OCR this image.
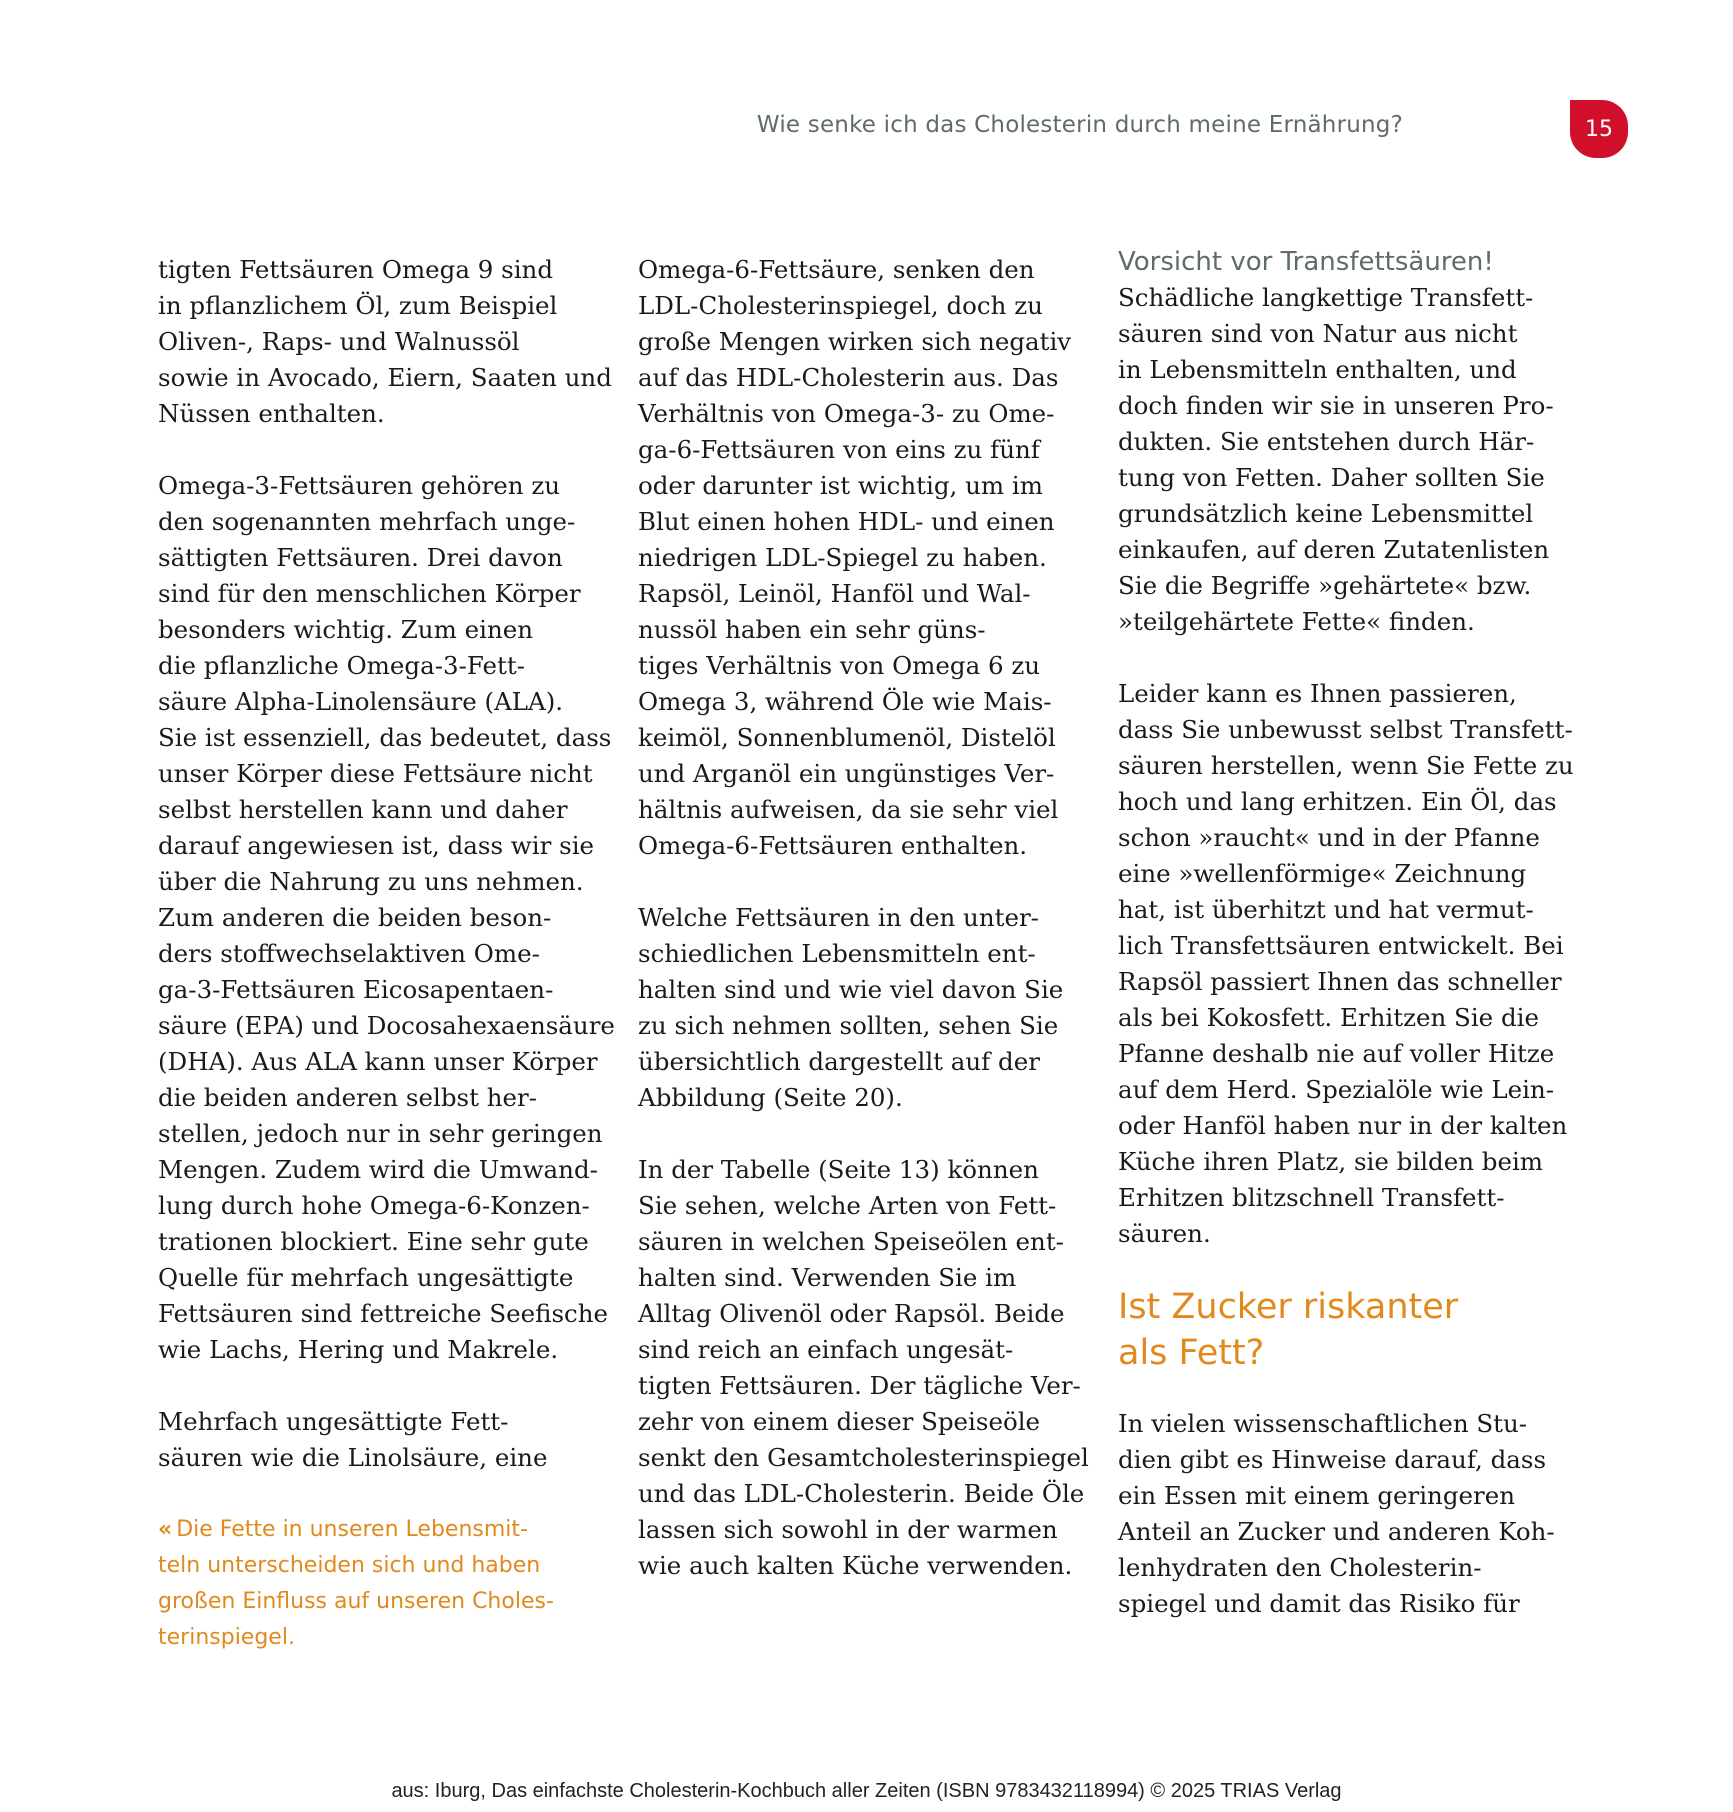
Wie senke ich das Cholesterin durch meine Ernährung?	15
tigten Fettsäuren Omega 9 sind
in pflanzlichem Öl, zum Beispiel
Oliven-, Raps- und Walnussöl
sowie in Avocado, Eiern, Saaten und
Nüssen enthalten.
Omega-3-Fettsäuren gehören zu
den sogenannten mehrfach unge-
sättigten Fettsäuren. Drei davon
sind für den menschlichen Körper
besonders wichtig. Zum einen
die pflanzliche Omega-3-Fett-
säure Alpha-Linolensäure (ALA).
Sie ist essenziell, das bedeutet, dass
unser Körper diese Fettsäure nicht
selbst herstellen kann und daher
darauf angewiesen ist, dass wir sie
über die Nahrung zu uns nehmen.
Zum anderen die beiden beson-
ders stoffwechselaktiven Ome-
ga-3-Fettsäuren Eicosapentaen-
säure (EPA) und Docosahexaensäure
(DHA). Aus ALA kann unser Körper
die beiden anderen selbst her-
stellen, jedoch nur in sehr geringen
Mengen. Zudem wird die Umwand-
lung durch hohe Omega-6-Konzen-
trationen blockiert. Eine sehr gute
Quelle für mehrfach ungesättigte
Fettsäuren sind fettreiche Seefische
wie Lachs, Hering und Makrele.
Mehrfach ungesättigte Fett-
säuren wie die Linolsäure, eine
« Die Fette in unseren Lebensmit-
teln unterscheiden sich und haben
großen Einfluss auf unseren Choles-
terinspiegel.
Omega-6-Fettsäure, senken den
LDL-Cholesterinspiegel, doch zu
große Mengen wirken sich negativ
auf das HDL-Cholesterin aus. Das
Verhältnis von Omega-3- zu Ome-
ga-6-Fettsäuren von eins zu fünf
oder darunter ist wichtig, um im
Blut einen hohen HDL- und einen
niedrigen LDL-Spiegel zu haben.
Rapsöl, Leinöl, Hanföl und Wal-
nussöl haben ein sehr güns-
tiges Verhältnis von Omega 6 zu
Omega 3, während Öle wie Mais-
keimöl, Sonnenblumenöl, Distelöl
und Arganöl ein ungünstiges Ver-
hältnis aufweisen, da sie sehr viel
Omega-6-Fettsäuren enthalten.
Welche Fettsäuren in den unter-
schiedlichen Lebensmitteln ent-
halten sind und wie viel davon Sie
zu sich nehmen sollten, sehen Sie
übersichtlich dargestellt auf der
Abbildung (Seite 20).
In der Tabelle (Seite 13) können
Sie sehen, welche Arten von Fett-
säuren in welchen Speiseölen ent-
halten sind. Verwenden Sie im
Alltag Olivenöl oder Rapsöl. Beide
sind reich an einfach ungesät-
tigten Fettsäuren. Der tägliche Ver-
zehr von einem dieser Speiseöle
senkt den Gesamtcholesterinspiegel
und das LDL-Cholesterin. Beide Öle
lassen sich sowohl in der warmen
wie auch kalten Küche verwenden.
Vorsicht vor Transfettsäuren!
Schädliche langkettige Transfett-
säuren sind von Natur aus nicht
in Lebensmitteln enthalten, und
doch finden wir sie in unseren Pro-
dukten. Sie entstehen durch Här-
tung von Fetten. Daher sollten Sie
grundsätzlich keine Lebensmittel
einkaufen, auf deren Zutatenlisten
Sie die Begriffe »gehärtete« bzw.
»teilgehärtete Fette« finden.
Leider kann es Ihnen passieren,
dass Sie unbewusst selbst Transfett-
säuren herstellen, wenn Sie Fette zu
hoch und lang erhitzen. Ein Öl, das
schon »raucht« und in der Pfanne
eine »wellenförmige« Zeichnung
hat, ist überhitzt und hat vermut-
lich Transfettsäuren entwickelt. Bei
Rapsöl passiert Ihnen das schneller
als bei Kokosfett. Erhitzen Sie die
Pfanne deshalb nie auf voller Hitze
auf dem Herd. Spezialöle wie Lein-
oder Hanföl haben nur in der kalten
Küche ihren Platz, sie bilden beim
Erhitzen blitzschnell Transfett-
säuren.
Ist Zucker riskanter
als Fett?
In vielen wissenschaftlichen Stu-
dien gibt es Hinweise darauf, dass
ein Essen mit einem geringeren
Anteil an Zucker und anderen Koh-
lenhydraten den Cholesterin-
spiegel und damit das Risiko für
aus: Iburg, Das einfachste Cholesterin-Kochbuch aller Zeiten (ISBN 9783432118994) © 2025 TRIAS Verlag
